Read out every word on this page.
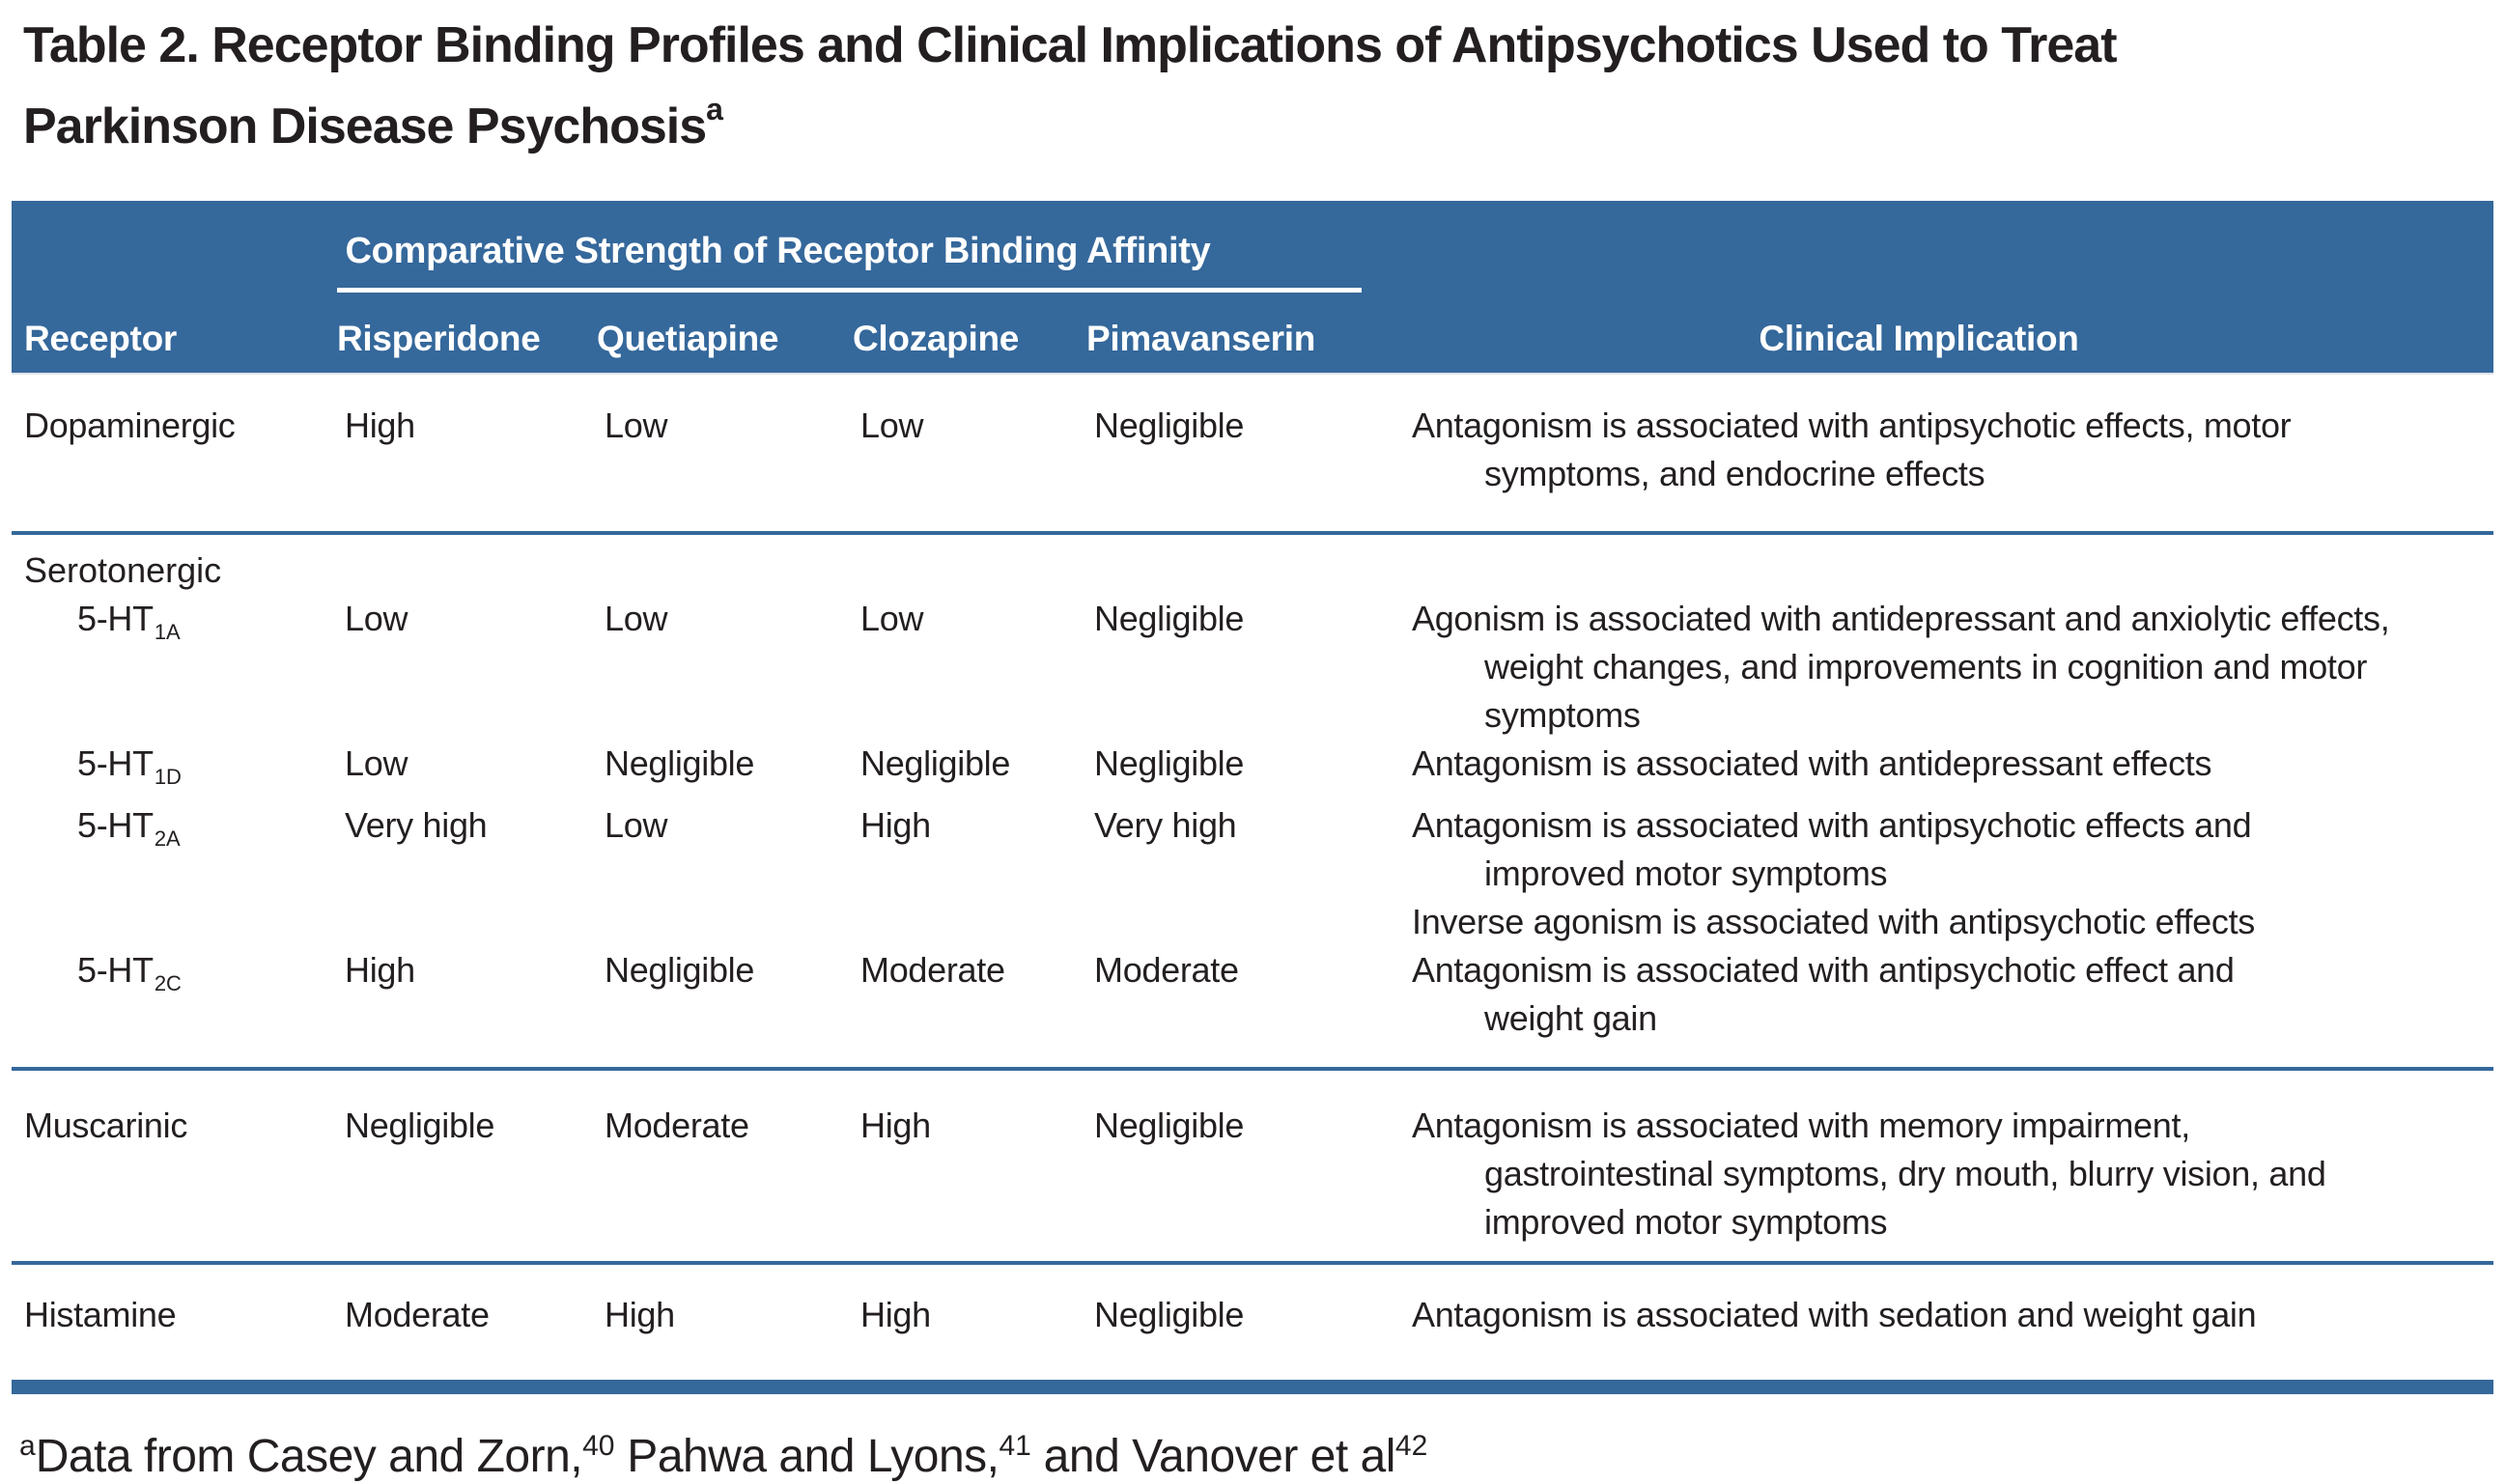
Table 2. Receptor Binding Profiles and Clinical Implications of Antipsychotics Used to Treat
Parkinson Disease Psychosis$^a$
Comparative Strength of Receptor Binding Affinity
Receptor	Risperidone	Quetiapine	Clozapine	Pimavanserin	Clinical Implication
Dopaminergic	High	Low	Low	Negligible	Antagonism is associated with antipsychotic effects, motor
symptoms, and endocrine effects
Serotonergic
$5-HT_{1A}$	Low	Low	Low	Negligible	Agonism is associated with antidepressant and anxiolytic effects,
weight changes, and improvements in cognition and motor
symptoms
$5-HT_{1D}$	Low	Negligible	Negligible	Negligible	Antagonism is associated with antidepressant effects
$5-HT_{2A}$	Very high	Low	High	Very high	Antagonism is associated with antipsychotic effects and
improved motor symptoms
Inverse agonism is associated with antipsychotic effects
$5-HT_{2C}$	High	Negligible	Moderate	Moderate	Antagonism is associated with antipsychotic effect and
weight gain
Muscarinic	Negligible	Moderate	High	Negligible	Antagonism is associated with memory impairment,
gastrointestinal symptoms, dry mouth, blurry vision, and
improved motor symptoms
Histamine	Moderate	High	High	Negligible	Antagonism is associated with sedation and weight gain
$^a$Data from Casey and Zorn,$^{40}$ Pahwa and Lyons,$^{41}$ and Vanover et $al^{42}$
